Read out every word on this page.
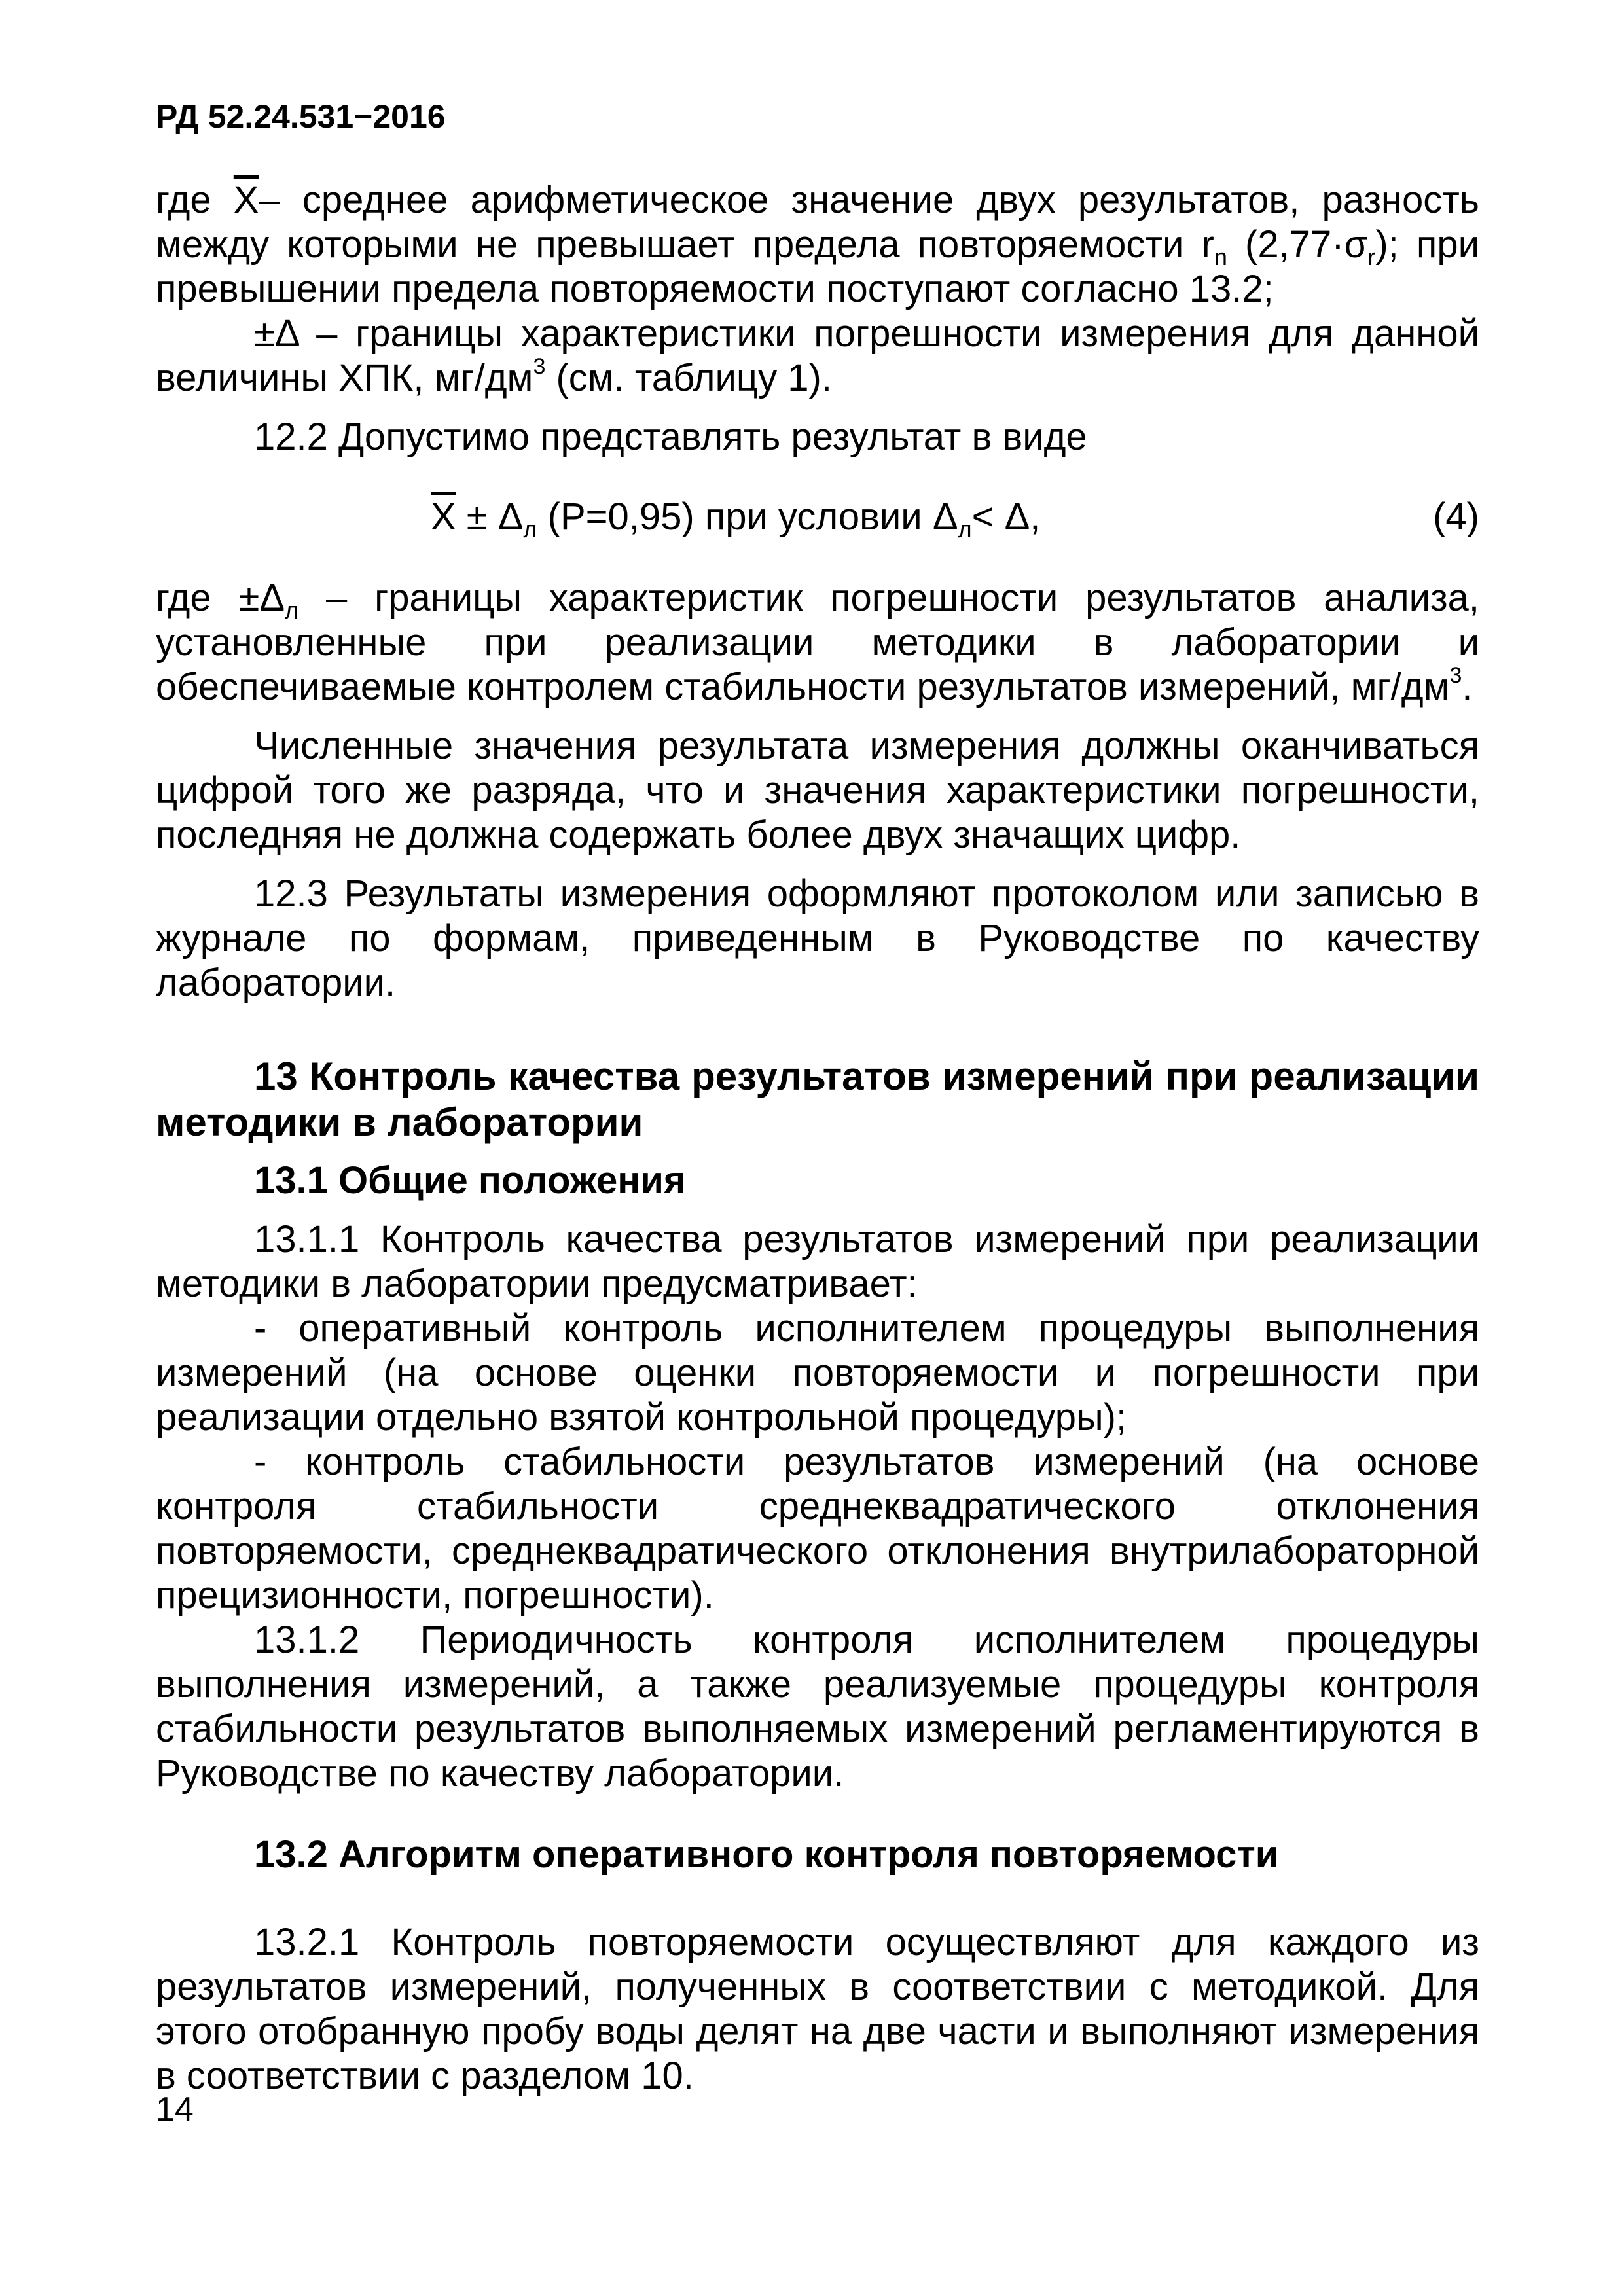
РД 52.24.531−2016

где $\overline{X}-$ среднее арифметическое значение двух результатов, разность между которыми не превышает предела повторяемости $r_n$ $(2,77\cdot\sigma_r)$; при превышении предела повторяемости поступают согласно 13.2;

±Δ – границы характеристики погрешности измерения для данной величины ХПК, $мг/дм^3$ (см. таблицу 1).

12.2 Допустимо представлять результат в виде

$\overline{X} \pm \Delta_л$ (Р=0,95) при условии $\Delta_л< \Delta$,	(4)

где $\pm\Delta_л$ – границы характеристик погрешности результатов анализа, установленные при реализации методики в лаборатории и обеспечиваемые контролем стабильности результатов измерений, $мг/дм^3$.

Численные значения результата измерения должны оканчиваться цифрой того же разряда, что и значения характеристики погрешности, последняя не должна содержать более двух значащих цифр.

12.3 Результаты измерения оформляют протоколом или записью в журнале по формам, приведенным в Руководстве по качеству лаборатории.

13 Контроль качества результатов измерений при реализации методики в лаборатории

13.1 Общие положения

13.1.1 Контроль качества результатов измерений при реализации методики в лаборатории предусматривает:

- оперативный контроль исполнителем процедуры выполнения измерений (на основе оценки повторяемости и погрешности при реализации отдельно взятой контрольной процедуры);

- контроль стабильности результатов измерений (на основе контроля стабильности среднеквадратического отклонения повторяемости, среднеквадратического отклонения внутрилабораторной прецизионности, погрешности).

13.1.2 Периодичность контроля исполнителем процедуры выполнения измерений, а также реализуемые процедуры контроля стабильности результатов выполняемых измерений регламентируются в Руководстве по качеству лаборатории.

13.2 Алгоритм оперативного контроля повторяемости

13.2.1 Контроль повторяемости осуществляют для каждого из результатов измерений, полученных в соответствии с методикой. Для этого отобранную пробу воды делят на две части и выполняют измерения в соответствии с разделом 10.

14
